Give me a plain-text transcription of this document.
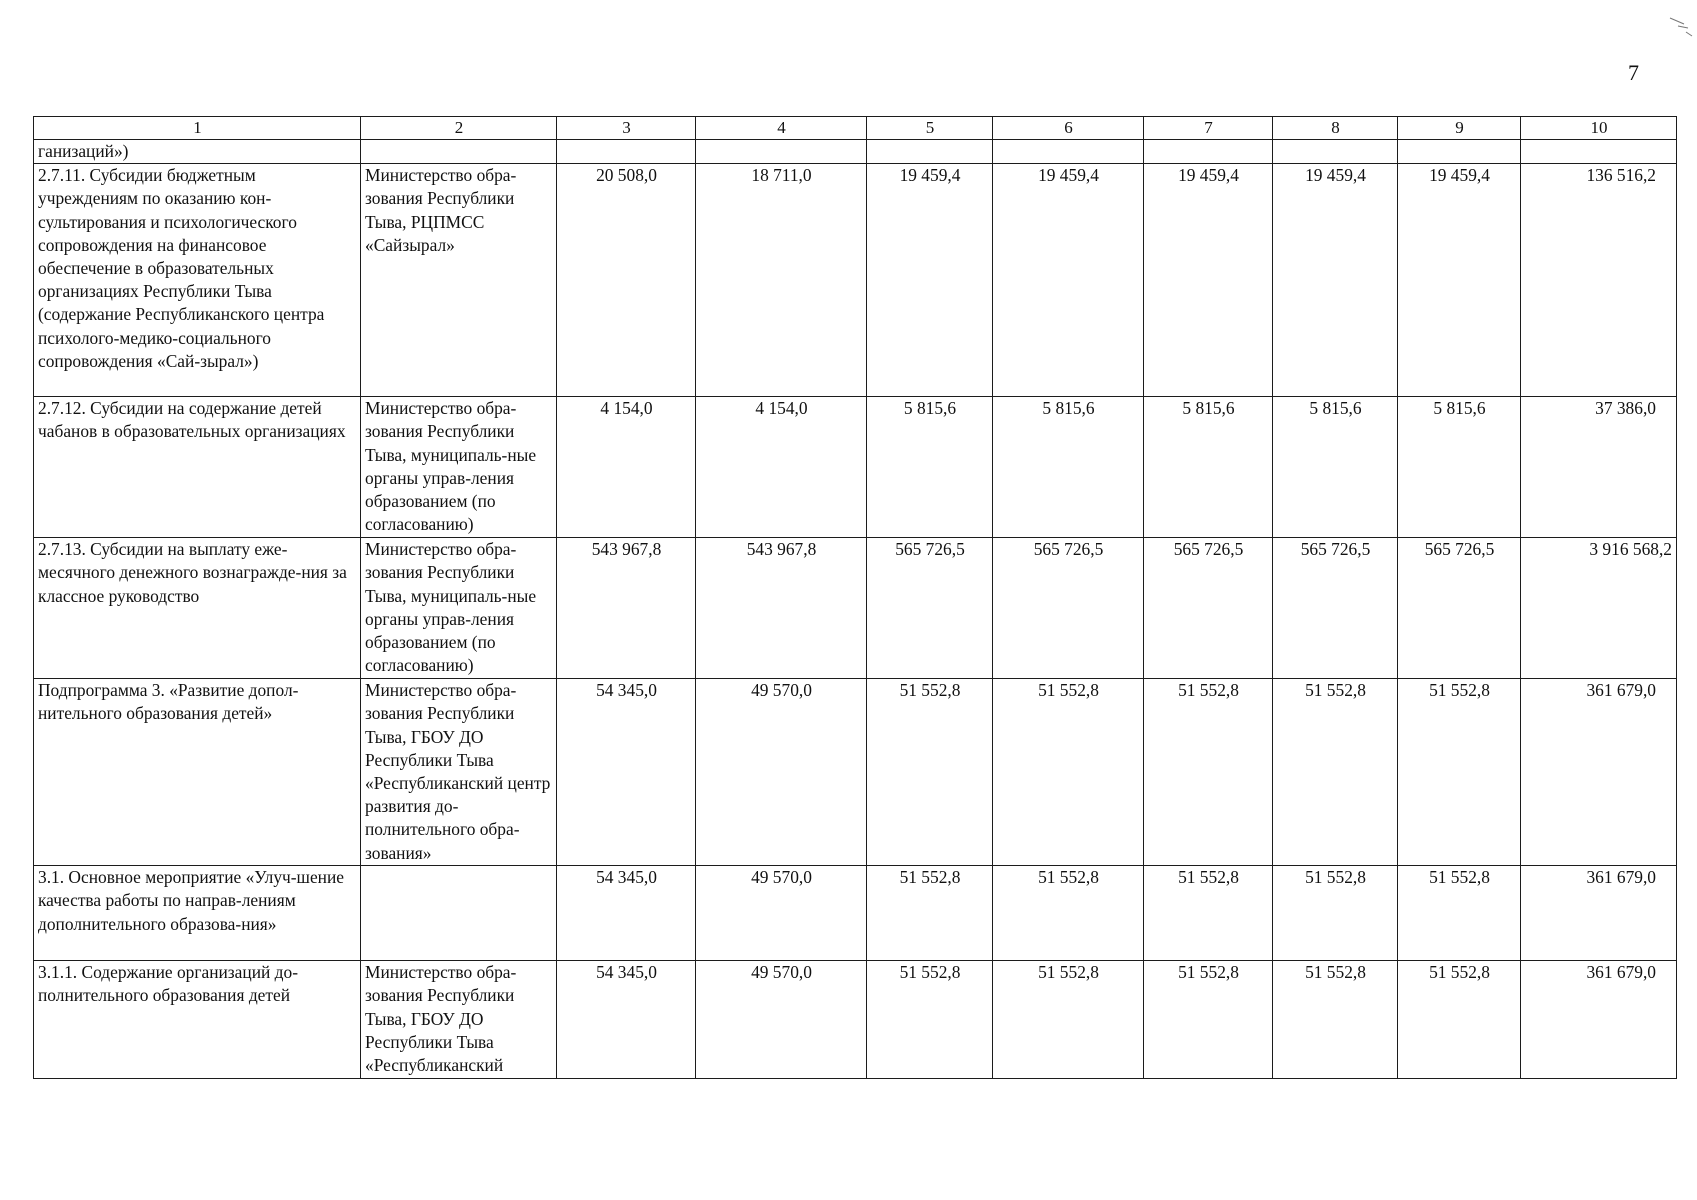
7
1	2	3	4	5	6	7	8	9	10
ганизаций»)									
2.7.11. Субсидии бюджетным учреждениям по оказанию кон-сультирования и психологического сопровождения на финансовое обеспечение в образовательных организациях Республики Тыва (содержание Республиканского центра психолого-медико-социального сопровождения «Сай-зырал»)	Министерство обра-зования Республики Тыва, РЦПМСС «Сайзырал»	20 508,0	18 711,0	19 459,4	19 459,4	19 459,4	19 459,4	19 459,4	136 516,2
2.7.12. Субсидии на содержание детей чабанов в образовательных организациях	Министерство обра-зования Республики Тыва, муниципаль-ные органы управ-ления образованием (по согласованию)	4 154,0	4 154,0	5 815,6	5 815,6	5 815,6	5 815,6	5 815,6	37 386,0
2.7.13. Субсидии на выплату еже-месячного денежного вознагражде-ния за классное руководство	Министерство обра-зования Республики Тыва, муниципаль-ные органы управ-ления образованием (по согласованию)	543 967,8	543 967,8	565 726,5	565 726,5	565 726,5	565 726,5	565 726,5	3 916 568,2
Подпрограмма 3. «Развитие допол-нительного образования детей»	Министерство обра-зования Республики Тыва, ГБОУ ДО Республики Тыва «Республиканский центр развития до-полнительного обра-зования»	54 345,0	49 570,0	51 552,8	51 552,8	51 552,8	51 552,8	51 552,8	361 679,0
3.1. Основное мероприятие «Улуч-шение качества работы по направ-лениям дополнительного образова-ния»		54 345,0	49 570,0	51 552,8	51 552,8	51 552,8	51 552,8	51 552,8	361 679,0
3.1.1. Содержание организаций до-полнительного образования детей	Министерство обра-зования Республики Тыва, ГБОУ ДО Республики Тыва «Республиканский	54 345,0	49 570,0	51 552,8	51 552,8	51 552,8	51 552,8	51 552,8	361 679,0
